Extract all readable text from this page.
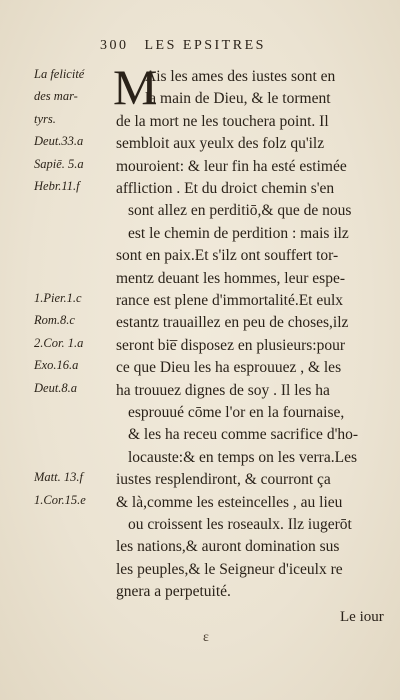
300 LES EPSITRES
M
La felicité	Ais les ames des iustes sont en
des mar-	la main de Dieu, & le torment
tyrs.	de la mort ne les touchera point. Il
Deut.33.a	sembloit aux yeulx des folz qu'ilz
Sapiē. 5.a	mouroient: & leur fin ha esté estimée
Hebr.11.f	affliction . Et du droict chemin s'en
sont allez en perditiō,& que de nous
est le chemin de perdition : mais ilz
sont en paix.Et s'ilz ont souffert tor-
mentz deuant les hommes, leur espe-
1.Pier.1.c	rance est plene d'immortalité.Et eulx
Rom.8.c	estantz trauaillez en peu de choses,ilz
2.Cor. 1.a	seront bie̅ disposez en plusieurs:pour
Exo.16.a	ce que Dieu les ha esprouuez , & les
Deut.8.a	ha trouuez dignes de soy . Il les ha
esprouué cōme l'or en la fournaise,
& les ha receu comme sacrifice d'ho-
locauste:& en temps on les verra.Les
Matt. 13.f	iustes resplendiront, & courront ça
1.Cor.15.e	& là,comme les esteincelles , au lieu
ou croissent les roseaulx. Ilz iugerōt
les nations,& auront domination sus
les peuples,& le Seigneur d'iceulx re
gnera a perpetuité.
Le iour
ɛ
